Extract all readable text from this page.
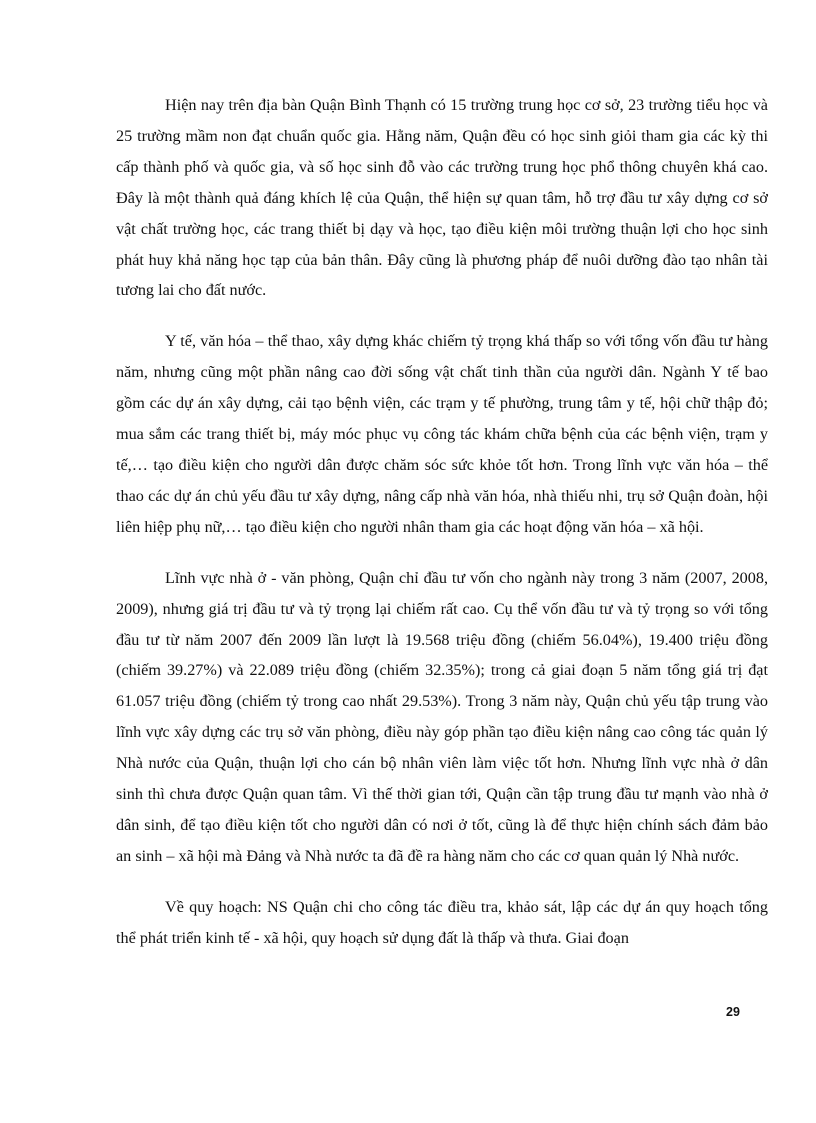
Hiện nay trên địa bàn Quận Bình Thạnh có 15 trường trung học cơ sở, 23 trường tiểu học và 25 trường mầm non đạt chuẩn quốc gia. Hằng năm, Quận đều có học sinh giỏi tham gia các kỳ thi cấp thành phố và quốc gia, và số học sinh đỗ vào các trường trung học phổ thông chuyên khá cao. Đây là một thành quả đáng khích lệ của Quận, thể hiện sự quan tâm, hỗ trợ đầu tư xây dựng cơ sở vật chất trường học, các trang thiết bị dạy và học, tạo điều kiện môi trường thuận lợi cho học sinh phát huy khả năng học tạp của bản thân. Đây cũng là phương pháp để nuôi dưỡng đào tạo nhân tài tương lai cho đất nước.

Y tế, văn hóa – thể thao, xây dựng khác chiếm tỷ trọng khá thấp so với tổng vốn đầu tư hàng năm, nhưng cũng một phần nâng cao đời sống vật chất tinh thần của người dân. Ngành Y tế bao gồm các dự án xây dựng, cải tạo bệnh viện, các trạm y tế phường, trung tâm y tế, hội chữ thập đỏ; mua sắm các trang thiết bị, máy móc phục vụ công tác khám chữa bệnh của các bệnh viện, trạm y tế,… tạo điều kiện cho người dân được chăm sóc sức khỏe tốt hơn. Trong lĩnh vực văn hóa – thể thao các dự án chủ yếu đầu tư xây dựng, nâng cấp nhà văn hóa, nhà thiếu nhi, trụ sở Quận đoàn, hội liên hiệp phụ nữ,… tạo điều kiện cho người nhân tham gia các hoạt động văn hóa – xã hội.

Lĩnh vực nhà ở - văn phòng, Quận chỉ đầu tư vốn cho ngành này trong 3 năm (2007, 2008, 2009), nhưng giá trị đầu tư và tỷ trọng lại chiếm rất cao. Cụ thể vốn đầu tư và tỷ trọng so với tổng đầu tư từ năm 2007 đến 2009 lần lượt là 19.568 triệu đồng (chiếm 56.04%), 19.400 triệu đồng (chiếm 39.27%) và 22.089 triệu đồng (chiếm 32.35%); trong cả giai đoạn 5 năm tổng giá trị đạt 61.057 triệu đồng (chiếm tỷ trong cao nhất 29.53%). Trong 3 năm này, Quận chủ yếu tập trung vào lĩnh vực xây dựng các trụ sở văn phòng, điều này góp phần tạo điều kiện nâng cao công tác quản lý Nhà nước của Quận, thuận lợi cho cán bộ nhân viên làm việc tốt hơn. Nhưng lĩnh vực nhà ở dân sinh thì chưa được Quận quan tâm. Vì thế thời gian tới, Quận cần tập trung đầu tư mạnh vào nhà ở dân sinh, để tạo điều kiện tốt cho người dân có nơi ở tốt, cũng là để thực hiện chính sách đảm bảo an sinh – xã hội mà Đảng và Nhà nước ta đã đề ra hàng năm cho các cơ quan quản lý Nhà nước.

Về quy hoạch: NS Quận chi cho công tác điều tra, khảo sát, lập các dự án quy hoạch tổng thể phát triển kinh tế - xã hội, quy hoạch sử dụng đất là thấp và thưa. Giai đoạn

29
